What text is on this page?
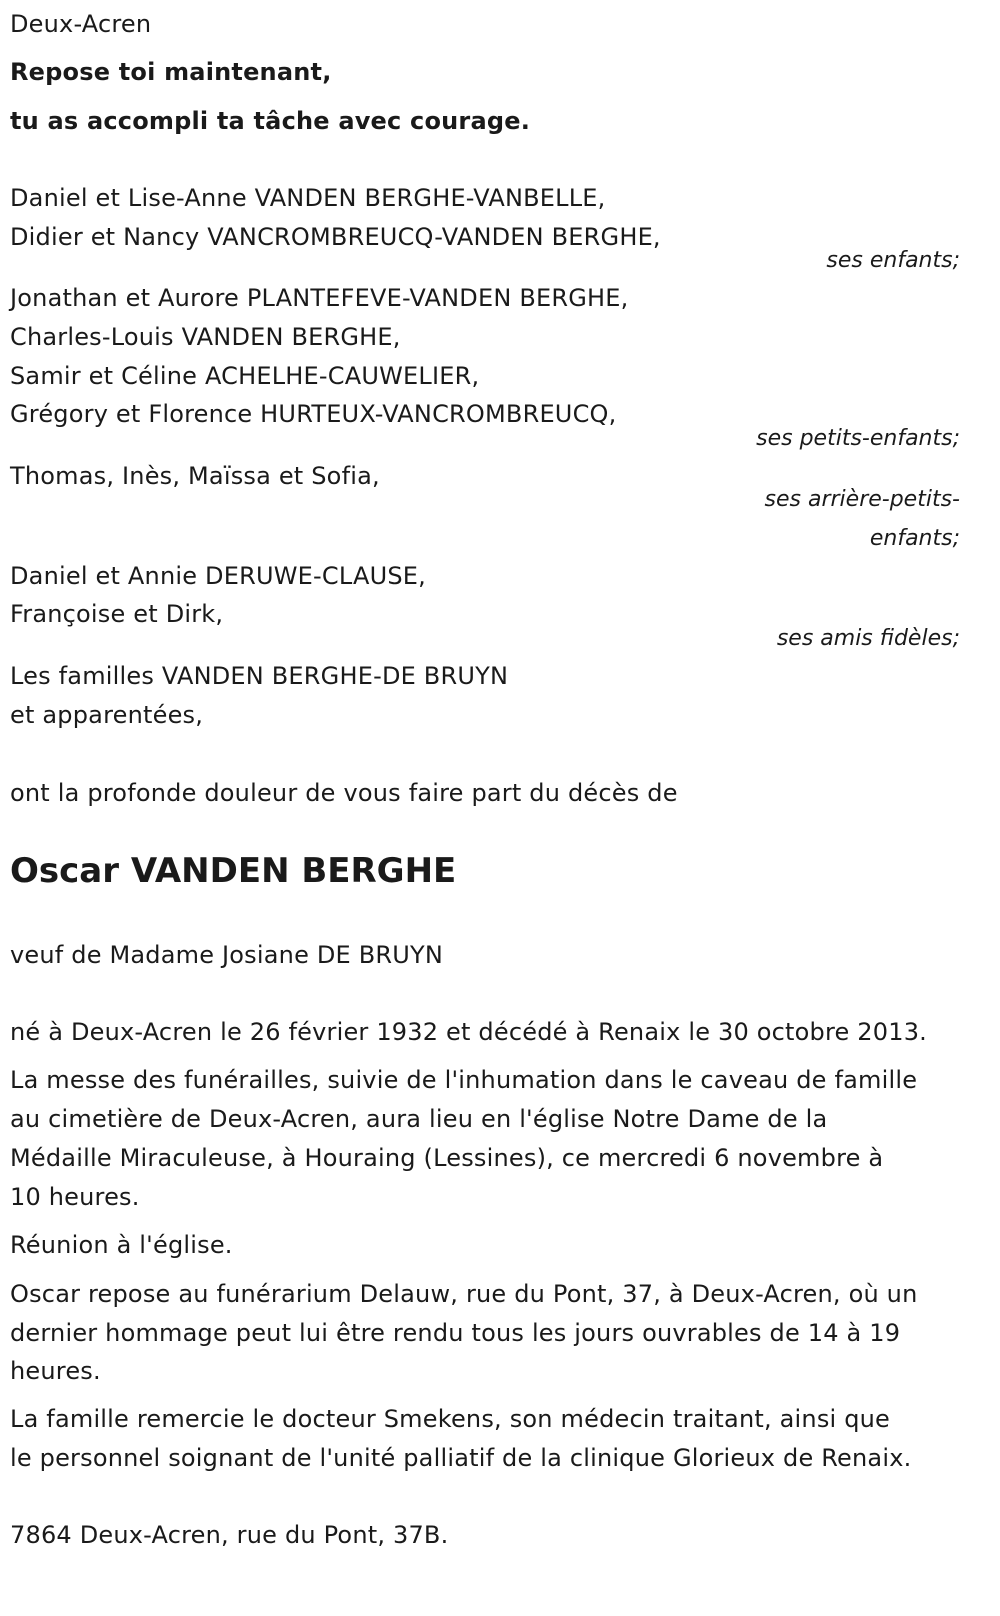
Deux-Acren
Repose toi maintenant,
tu as accompli ta tâche avec courage.
Daniel et Lise-Anne VANDEN BERGHE-VANBELLE,
Didier et Nancy VANCROMBREUCQ-VANDEN BERGHE,
ses enfants;
Jonathan et Aurore PLANTEFEVE-VANDEN BERGHE,
Charles-Louis VANDEN BERGHE,
Samir et Céline ACHELHE-CAUWELIER,
Grégory et Florence HURTEUX-VANCROMBREUCQ,
ses petits-enfants;
Thomas, Inès, Maïssa et Sofia,
ses arrière-petits-
enfants;
Daniel et Annie DERUWE-CLAUSE,
Françoise et Dirk,
ses amis fidèles;
Les familles VANDEN BERGHE-DE BRUYN
et apparentées,
ont la profonde douleur de vous faire part du décès de
Oscar VANDEN BERGHE
veuf de Madame Josiane DE BRUYN
né à Deux-Acren le 26 février 1932 et décédé à Renaix le 30 octobre 2013.
La messe des funérailles, suivie de l'inhumation dans le caveau de famille
au cimetière de Deux-Acren, aura lieu en l'église Notre Dame de la
Médaille Miraculeuse, à Houraing (Lessines), ce mercredi 6 novembre à
10 heures.
Réunion à l'église.
Oscar repose au funérarium Delauw, rue du Pont, 37, à Deux-Acren, où un
dernier hommage peut lui être rendu tous les jours ouvrables de 14 à 19
heures.
La famille remercie le docteur Smekens, son médecin traitant, ainsi que
le personnel soignant de l'unité palliatif de la clinique Glorieux de Renaix.
7864 Deux-Acren, rue du Pont, 37B.
